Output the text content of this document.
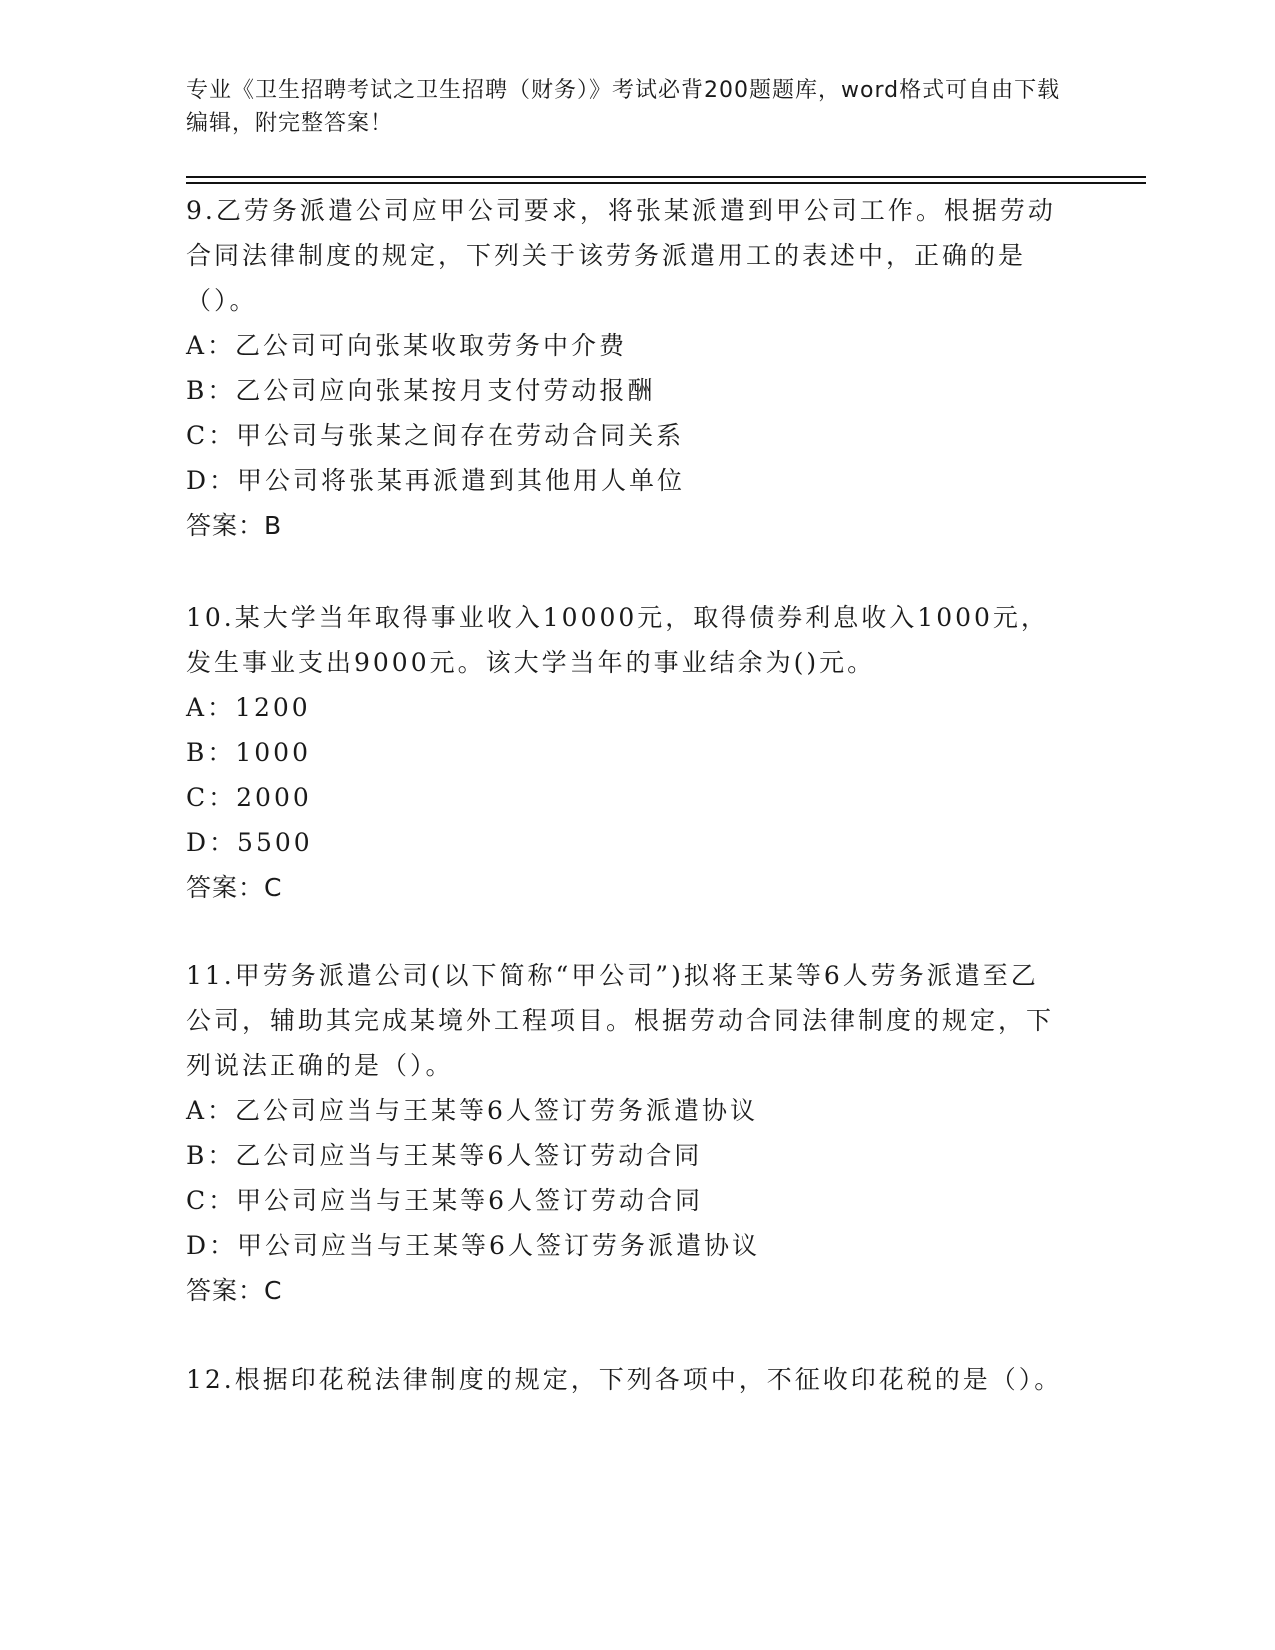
专业《卫生招聘考试之卫生招聘（财务）》考试必背200题题库，word格式可自由下载编辑，附完整答案！

9.乙劳务派遣公司应甲公司要求，将张某派遣到甲公司工作。根据劳动合同法律制度的规定，下列关于该劳务派遣用工的表述中，正确的是（）。

A：乙公司可向张某收取劳务中介费

B：乙公司应向张某按月支付劳动报酬

C：甲公司与张某之间存在劳动合同关系

D：甲公司将张某再派遣到其他用人单位

答案：B

10.某大学当年取得事业收入10000元，取得债券利息收入1000元，发生事业支出9000元。该大学当年的事业结余为()元。

A：1200

B：1000

C：2000

D：5500

答案：C

11.甲劳务派遣公司(以下简称“甲公司”)拟将王某等6人劳务派遣至乙公司，辅助其完成某境外工程项目。根据劳动合同法律制度的规定，下列说法正确的是（）。

A：乙公司应当与王某等6人签订劳务派遣协议

B：乙公司应当与王某等6人签订劳动合同

C：甲公司应当与王某等6人签订劳动合同

D：甲公司应当与王某等6人签订劳务派遣协议

答案：C

12.根据印花税法律制度的规定，下列各项中，不征收印花税的是（）。
